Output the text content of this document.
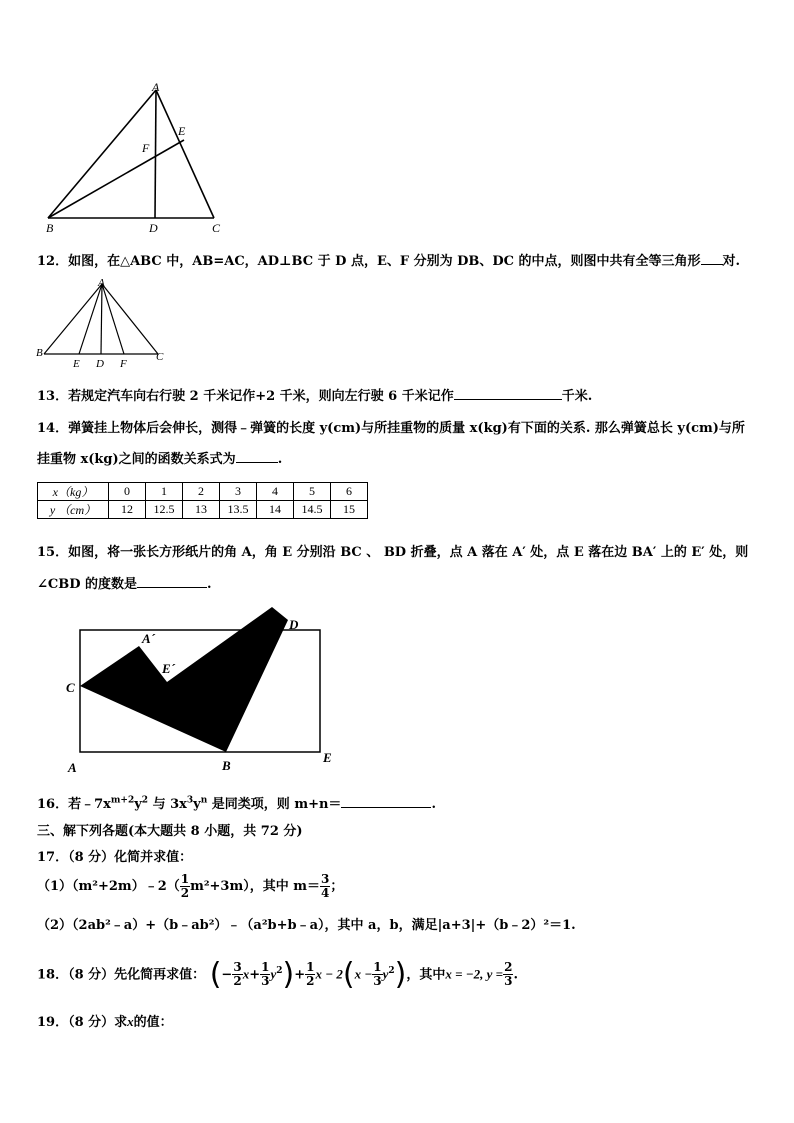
A
B	C
D
E
F
12．如图，在△ABC 中，AB=AC，AD⊥BC 于 D 点，E、F 分别为 DB、DC 的中点，则图中共有全等三角形 对.
A
B	C
D
E	F
13．若规定汽车向右行驶 2 千米记作+2 千米，则向左行驶 6 千米记作	千米.
14．弹簧挂上物体后会伸长，测得﹣弹簧的长度 y(cm)与所挂重物的质量 x(kg)有下面的关系. 那么弹簧总长 y(cm)与所
挂重物 x(kg)之间的函数关系式为	.
x（kg）	0	1	2	3	4	5	6
y （cm）	12	12.5	13	13.5	14	14.5	15
15．如图，将一张长方形纸片的角 A，角 E 分别沿 BC 、 BD 折叠，点 A 落在 A′ 处，点 E 落在边 BA′ 上的 E′ 处，则
∠CBD 的度数是	.
C
A	B
D
E
A´
E´
16．若$﹣7x^{m+2}y^2$ 与 $3x^3y^n$ 是同类项，则 m+n＝	.
三、解下列各题(本大题共 8 小题，共 72 分)
17．（8 分）化简并求值：
（1）（m²+2m）﹣2（ $\frac{1}{2} m^2+3m$），其中 $m= \frac{3}{4}$ ；
（2）（2ab²﹣a）+（b﹣ab²）﹣（a²b+b﹣a），其中 a，b，满足|a+3|+（b﹣2）²＝1.
18．（8 分）先化简再求值： (− $\frac{3}{2} x+ \frac{1}{3} y^2)+ \frac{1}{2}$ $x - 2(x - \frac{1}{3} y^2)$，其中x = −2, $y = \frac{2}{3}$ .
19．（8 分）求x的值：
